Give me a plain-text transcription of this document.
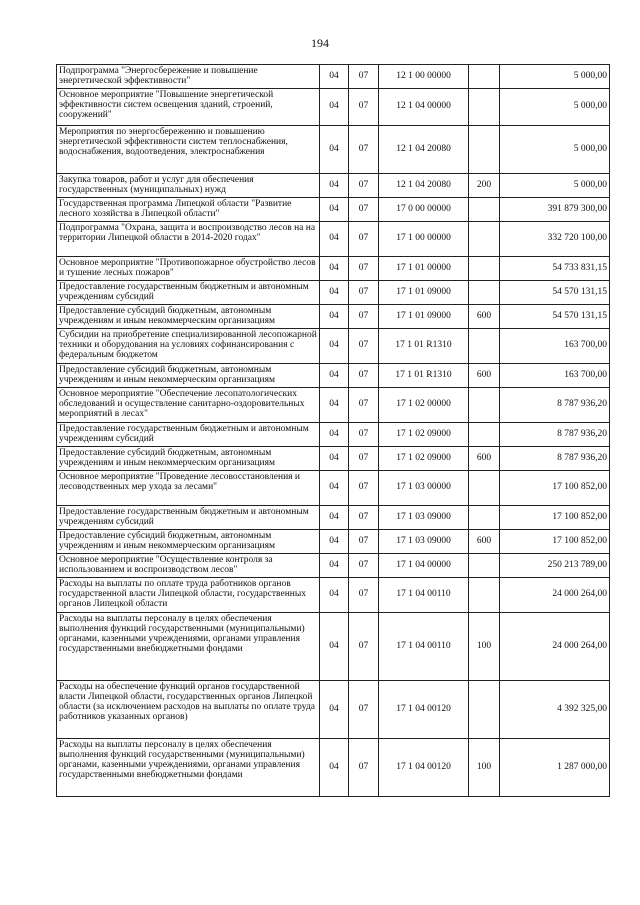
194
Подпрограмма "Энергосбережение и повышение энергетической эффективности"	04	07	12 1 00 00000		5 000,00
Основное мероприятие "Повышение энергетической эффективности систем освещения зданий, строений, сооружений"	04	07	12 1 04 00000		5 000,00
Мероприятия по энергосбережению и повышению энергетической эффективности систем теплоснабжения, водоснабжения, водоотведения, электроснабжения	04	07	12 1 04 20080		5 000,00
Закупка товаров, работ и услуг для обеспечения государственных (муниципальных) нужд	04	07	12 1 04 20080	200	5 000,00
Государственная программа Липецкой области "Развитие лесного хозяйства в Липецкой области"	04	07	17 0 00 00000		391 879 300,00
Подпрограмма "Охрана, защита и воспроизводство лесов на на территории Липецкой области в 2014-2020 годах"	04	07	17 1 00 00000		332 720 100,00
Основное мероприятие "Противопожарное обустройство лесов и тушение лесных пожаров"	04	07	17 1 01 00000		54 733 831,15
Предоставление государственным бюджетным и автономным учреждениям субсидий	04	07	17 1 01 09000		54 570 131,15
Предоставление субсидий бюджетным, автономным учреждениям и иным некоммерческим организациям	04	07	17 1 01 09000	600	54 570 131,15
Субсидии на приобретение специализированной лесопожарной техники и оборудования на условиях софинансирования с федеральным бюджетом	04	07	17 1 01 R1310		163 700,00
Предоставление субсидий бюджетным, автономным учреждениям и иным некоммерческим организациям	04	07	17 1 01 R1310	600	163 700,00
Основное мероприятие "Обеспечение лесопатологических обследований и осуществление санитарно-оздоровительных мероприятий в лесах"	04	07	17 1 02 00000		8 787 936,20
Предоставление государственным бюджетным и автономным учреждениям субсидий	04	07	17 1 02 09000		8 787 936,20
Предоставление субсидий бюджетным, автономным учреждениям и иным некоммерческим организациям	04	07	17 1 02 09000	600	8 787 936,20
Основное мероприятие "Проведение лесовосстановления и лесоводственных мер ухода за лесами"	04	07	17 1 03 00000		17 100 852,00
Предоставление государственным бюджетным и автономным учреждениям субсидий	04	07	17 1 03 09000		17 100 852,00
Предоставление субсидий бюджетным, автономным учреждениям и иным некоммерческим организациям	04	07	17 1 03 09000	600	17 100 852,00
Основное мероприятие "Осуществление контроля за использованием и воспроизводством лесов"	04	07	17 1 04 00000		250 213 789,00
Расходы на выплаты по оплате труда работников органов государственной власти Липецкой области, государственных органов Липецкой области	04	07	17 1 04 00110		24 000 264,00
Расходы на выплаты персоналу в целях обеспечения выполнения функций государственными (муниципальными) органами, казенными учреждениями, органами управления государственными внебюджетными фондами	04	07	17 1 04 00110	100	24 000 264,00
Расходы на обеспечение функций органов государственной власти Липецкой области, государственных органов Липецкой области (за исключением расходов на выплаты по оплате труда работников указанных органов)	04	07	17 1 04 00120		4 392 325,00
Расходы на выплаты персоналу в целях обеспечения выполнения функций государственными (муниципальными) органами, казенными учреждениями, органами управления государственными внебюджетными фондами	04	07	17 1 04 00120	100	1 287 000,00
